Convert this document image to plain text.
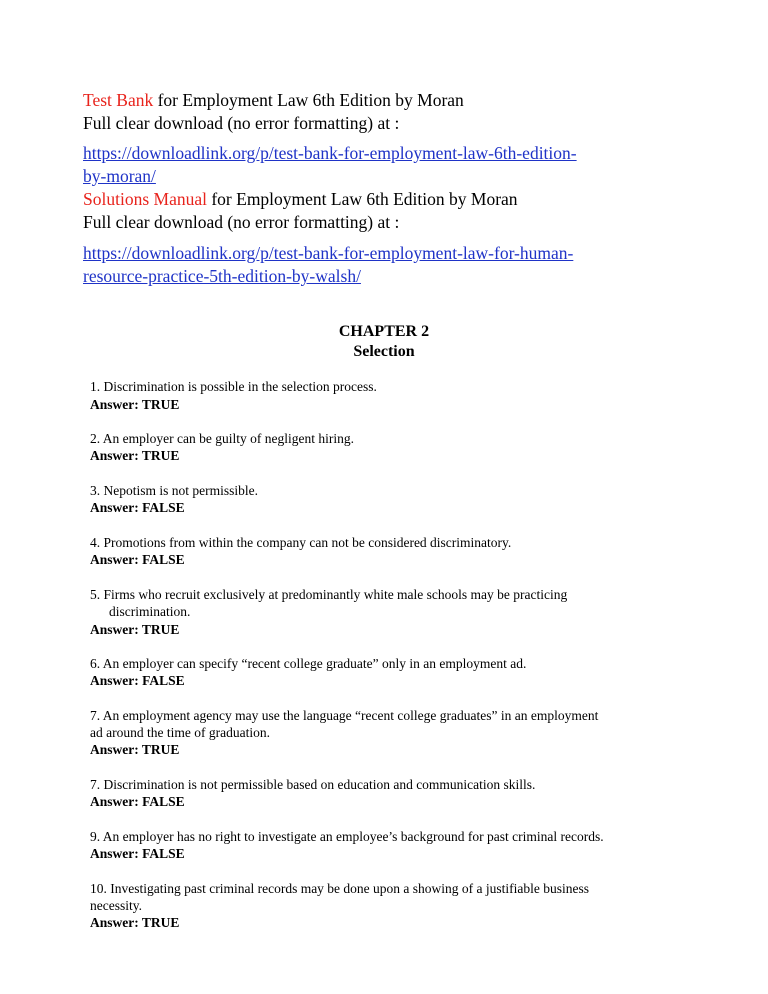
Test Bank for Employment Law 6th Edition by Moran
Full clear download (no error formatting) at :
https://downloadlink.org/p/test-bank-for-employment-law-6th-edition-
by-moran/
Solutions Manual for Employment Law 6th Edition by Moran
Full clear download (no error formatting) at :
https://downloadlink.org/p/test-bank-for-employment-law-for-human-
resource-practice-5th-edition-by-walsh/
CHAPTER 2
Selection
1. Discrimination is possible in the selection process.
Answer: TRUE
2. An employer can be guilty of negligent hiring.
Answer: TRUE
3. Nepotism is not permissible.
Answer: FALSE
4. Promotions from within the company can not be considered discriminatory.
Answer: FALSE
5. Firms who recruit exclusively at predominantly white male schools may be practicing
discrimination.
Answer: TRUE
6. An employer can specify “recent college graduate” only in an employment ad.
Answer: FALSE
7. An employment agency may use the language “recent college graduates” in an employment
ad around the time of graduation.
Answer: TRUE
7. Discrimination is not permissible based on education and communication skills.
Answer: FALSE
9. An employer has no right to investigate an employee’s background for past criminal records.
Answer: FALSE
10. Investigating past criminal records may be done upon a showing of a justifiable business
necessity.
Answer: TRUE
